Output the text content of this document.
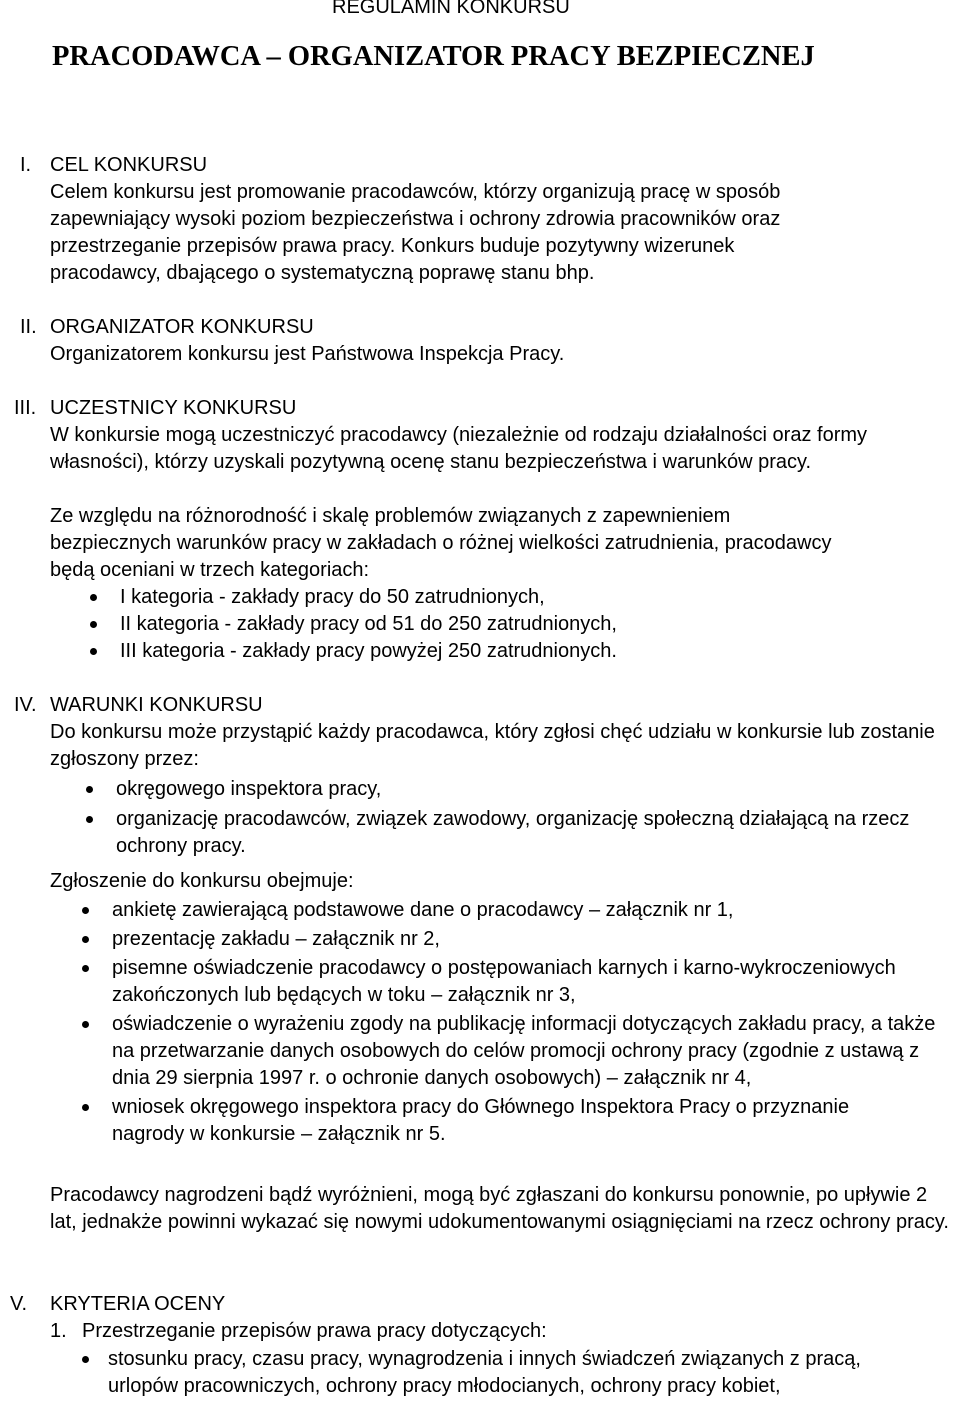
REGULAMIN KONKURSU
PRACODAWCA – ORGANIZATOR PRACY BEZPIECZNEJ
I. CEL KONKURSU

Celem konkursu jest promowanie pracodawców, którzy organizują pracę w sposób zapewniający wysoki poziom bezpieczeństwa i ochrony zdrowia pracowników oraz przestrzeganie przepisów prawa pracy. Konkurs buduje pozytywny wizerunek pracodawcy, dbającego o systematyczną poprawę stanu bhp.

II. ORGANIZATOR KONKURSU

Organizatorem konkursu jest Państwowa Inspekcja Pracy.

III. UCZESTNICY KONKURSU

W konkursie mogą uczestniczyć pracodawcy (niezależnie od rodzaju działalności oraz formy własności), którzy uzyskali pozytywną ocenę stanu bezpieczeństwa i warunków pracy.

Ze względu na różnorodność i skalę problemów związanych z zapewnieniem bezpiecznych warunków pracy w zakładach o różnej wielkości zatrudnienia, pracodawcy będą oceniani w trzech kategoriach:

I kategoria - zakłady pracy do 50 zatrudnionych,
II kategoria - zakłady pracy od 51 do 250 zatrudnionych,
III kategoria - zakłady pracy powyżej 250 zatrudnionych.
IV. WARUNKI KONKURSU

Do konkursu może przystąpić każdy pracodawca, który zgłosi chęć udziału w konkursie lub zostanie zgłoszony przez:

okręgowego inspektora pracy,
organizację pracodawców, związek zawodowy, organizację społeczną działającą na rzecz ochrony pracy.

Zgłoszenie do konkursu obejmuje:

ankietę zawierającą podstawowe dane o pracodawcy – załącznik nr 1,
prezentację zakładu – załącznik nr 2,
pisemne oświadczenie pracodawcy o postępowaniach karnych i karno-wykroczeniowych zakończonych lub będących w toku – załącznik nr 3,
oświadczenie o wyrażeniu zgody na publikację informacji dotyczących zakładu pracy, a także na przetwarzanie danych osobowych do celów promocji ochrony pracy (zgodnie z ustawą z dnia 29 sierpnia 1997 r. o ochronie danych osobowych) – załącznik nr 4,
wniosek okręgowego inspektora pracy do Głównego Inspektora Pracy o przyznanie nagrody w konkursie – załącznik nr 5.

Pracodawcy nagrodzeni bądź wyróżnieni, mogą być zgłaszani do konkursu ponownie, po upływie 2 lat, jednakże powinni wykazać się nowymi udokumentowanymi osiągnięciami na rzecz ochrony pracy.

V. KRYTERIA OCENY
1. Przestrzeganie przepisów prawa pracy dotyczących:
stosunku pracy, czasu pracy, wynagrodzenia i innych świadczeń związanych z pracą, urlopów pracowniczych, ochrony pracy młodocianych, ochrony pracy kobiet,
